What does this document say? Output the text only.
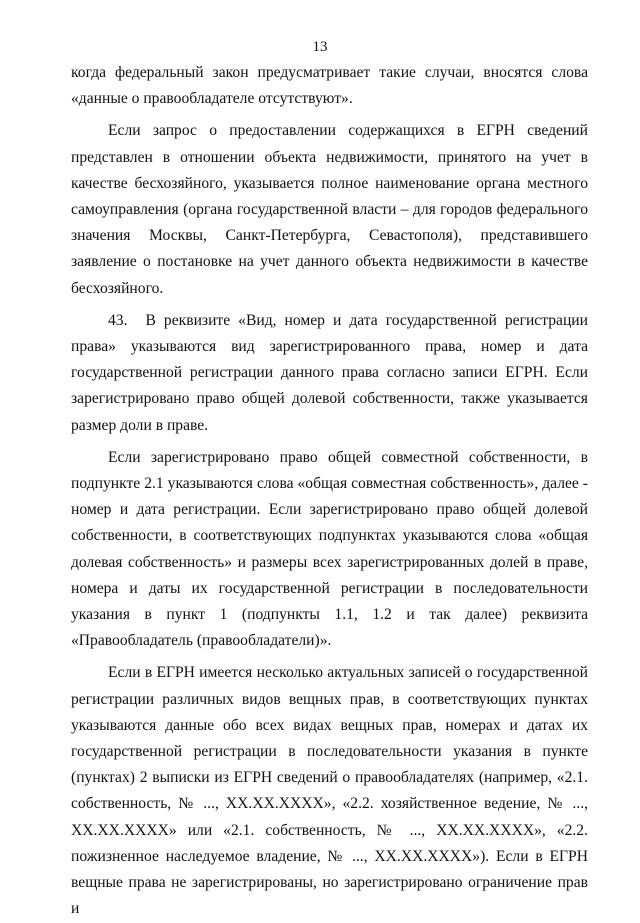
13

когда федеральный закон предусматривает такие случаи, вносятся слова «данные о правообладателе отсутствуют».

Если запрос о предоставлении содержащихся в ЕГРН сведений представлен в отношении объекта недвижимости, принятого на учет в качестве бесхозяйного, указывается полное наименование органа местного самоуправления (органа государственной власти – для городов федерального значения Москвы, Санкт-Петербурга, Севастополя), представившего заявление о постановке на учет данного объекта недвижимости в качестве бесхозяйного.

43. В реквизите «Вид, номер и дата государственной регистрации права» указываются вид зарегистрированного права, номер и дата государственной регистрации данного права согласно записи ЕГРН. Если зарегистрировано право общей долевой собственности, также указывается размер доли в праве.

Если зарегистрировано право общей совместной собственности, в подпункте 2.1 указываются слова «общая совместная собственность», далее - номер и дата регистрации. Если зарегистрировано право общей долевой собственности, в соответствующих подпунктах указываются слова «общая долевая собственность» и размеры всех зарегистрированных долей в праве, номера и даты их государственной регистрации в последовательности указания в пункт 1 (подпункты 1.1, 1.2 и так далее) реквизита «Правообладатель (правообладатели)».

Если в ЕГРН имеется несколько актуальных записей о государственной регистрации различных видов вещных прав, в соответствующих пунктах указываются данные обо всех видах вещных прав, номерах и датах их государственной регистрации в последовательности указания в пункте (пунктах) 2 выписки из ЕГРН сведений о правообладателях (например, «2.1. собственность, № ..., XX.XX.XXXX», «2.2. хозяйственное ведение, № ..., XX.XX.XXXX» или «2.1. собственность, № ..., XX.XX.XXXX», «2.2. пожизненное наследуемое владение, № ..., XX.XX.XXXX»). Если в ЕГРН вещные права не зарегистрированы, но зарегистрировано ограничение прав и
